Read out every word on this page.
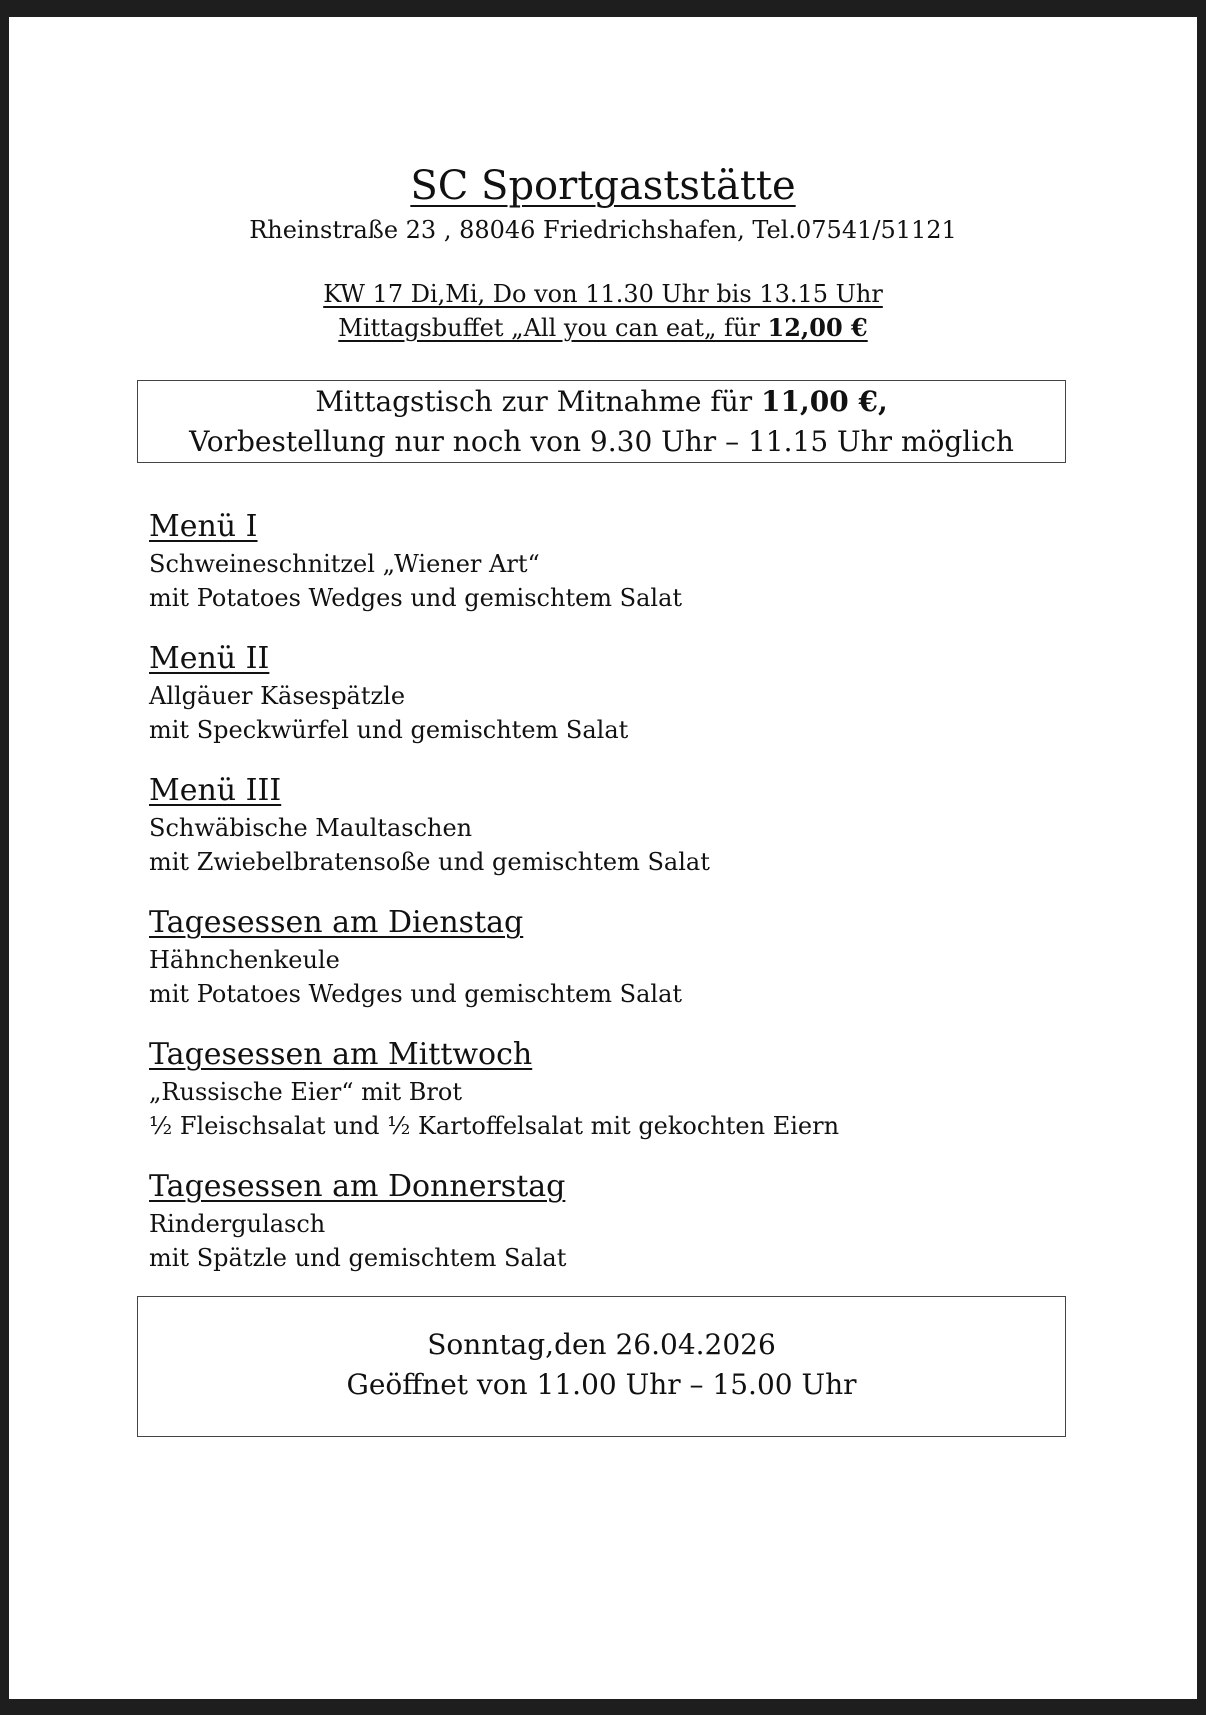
SC Sportgaststätte
Rheinstraße 23 , 88046 Friedrichshafen, Tel.07541/51121
KW 17 Di,Mi, Do von 11.30 Uhr bis 13.15 Uhr
Mittagsbuffet „All you can eat„ für 12,00 €
Mittagstisch zur Mitnahme für 11,00 €,
Vorbestellung nur noch von 9.30 Uhr – 11.15 Uhr möglich
Menü I

Schweineschnitzel „Wiener Art“

mit Potatoes Wedges und gemischtem Salat

Menü II

Allgäuer Käsespätzle

mit Speckwürfel und gemischtem Salat

Menü III

Schwäbische Maultaschen

mit Zwiebelbratensoße und gemischtem Salat

Tagesessen am Dienstag

Hähnchenkeule

mit Potatoes Wedges und gemischtem Salat

Tagesessen am Mittwoch

„Russische Eier“ mit Brot

½ Fleischsalat und ½ Kartoffelsalat mit gekochten Eiern

Tagesessen am Donnerstag

Rindergulasch

mit Spätzle und gemischtem Salat

Sonntag,den 26.04.2026
Geöffnet von 11.00 Uhr – 15.00 Uhr
